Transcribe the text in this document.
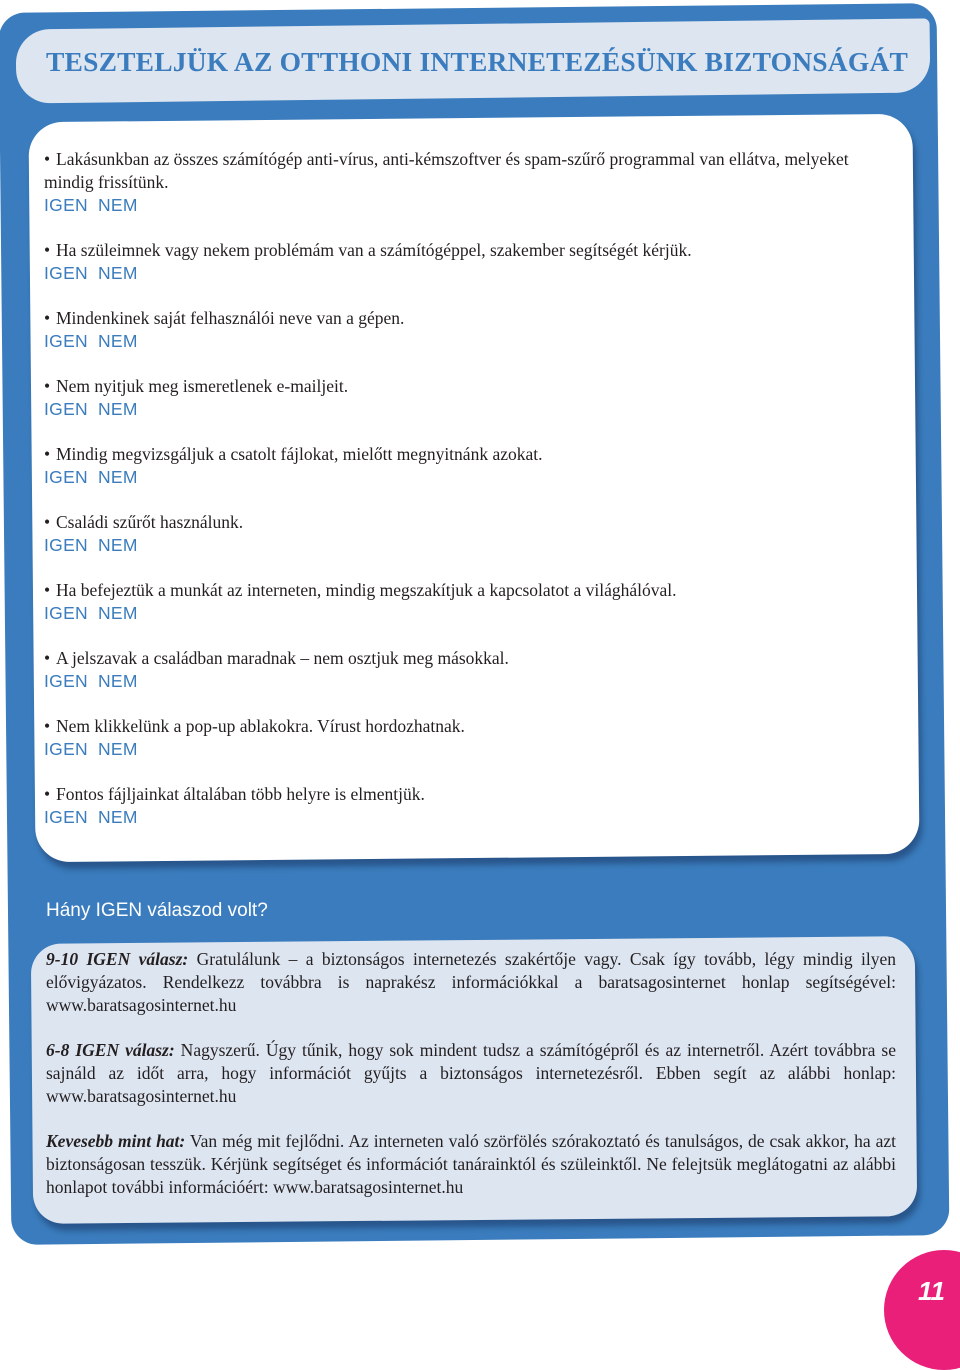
TESZTELJÜK AZ OTTHONI INTERNETEZÉSÜNK BIZTONSÁGÁT
• Lakásunkban az összes számítógép anti-vírus, anti-kémszoftver és spam-szűrő programmal van ellátva, melyeket mindig frissítünk.
IGEN NEM
• Ha szüleimnek vagy nekem problémám van a számítógéppel, szakember segítségét kérjük.
IGEN NEM
• Mindenkinek saját felhasználói neve van a gépen.
IGEN NEM
• Nem nyitjuk meg ismeretlenek e-mailjeit.
IGEN NEM
• Mindig megvizsgáljuk a csatolt fájlokat, mielőtt megnyitnánk azokat.
IGEN NEM
• Családi szűrőt használunk.
IGEN NEM
• Ha befejeztük a munkát az interneten, mindig megszakítjuk a kapcsolatot a világhálóval.
IGEN NEM
• A jelszavak a családban maradnak – nem osztjuk meg másokkal.
IGEN NEM
• Nem klikkelünk a pop-up ablakokra. Vírust hordozhatnak.
IGEN NEM
• Fontos fájljainkat általában több helyre is elmentjük.
IGEN NEM
Hány IGEN válaszod volt?

9-10 IGEN válasz: Gratulálunk – a biztonságos internetezés szakértője vagy. Csak így tovább, légy mindig ilyen elővigyázatos. Rendelkezz továbbra is naprakész információkkal a baratsagosinternet honlap segítségével: www.baratsagosinternet.hu

6-8 IGEN válasz: Nagyszerű. Úgy tűnik, hogy sok mindent tudsz a számítógépről és az internetről. Azért továbbra se sajnáld az időt arra, hogy információt gyűjts a biztonságos internetezésről. Ebben segít az alábbi honlap: www.baratsagosinternet.hu

Kevesebb mint hat: Van még mit fejlődni. Az interneten való szörfölés szórakoztató és tanulságos, de csak akkor, ha azt biztonságosan tesszük. Kérjünk segítséget és információt tanárainktól és szüleinktől. Ne felejtsük meglátogatni az alábbi honlapot további információért: www.baratsagosinternet.hu

11
